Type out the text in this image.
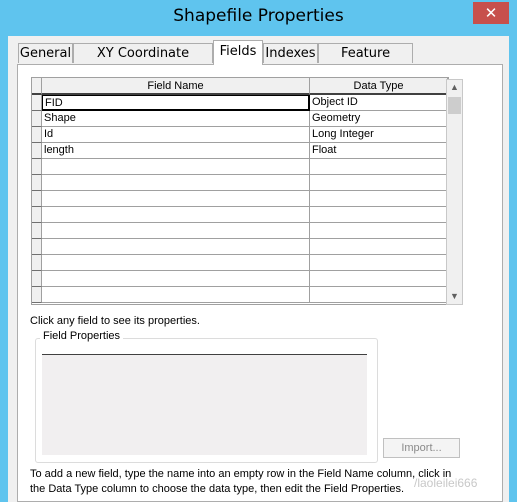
Shapefile Properties	✕
General	XY Coordinate	Fields Indexes	Feature
Field Name	Data Type
FID	Object ID
Shape	Geometry
Id	Long Integer
length	Float
▲
▼
Click any field to see its properties.
Field Properties
Import...
To add a new field, type the name into an empty row in the Field Name column, click in
the Data Type column to choose the data type, then edit the Field Properties. /laoleilei666
